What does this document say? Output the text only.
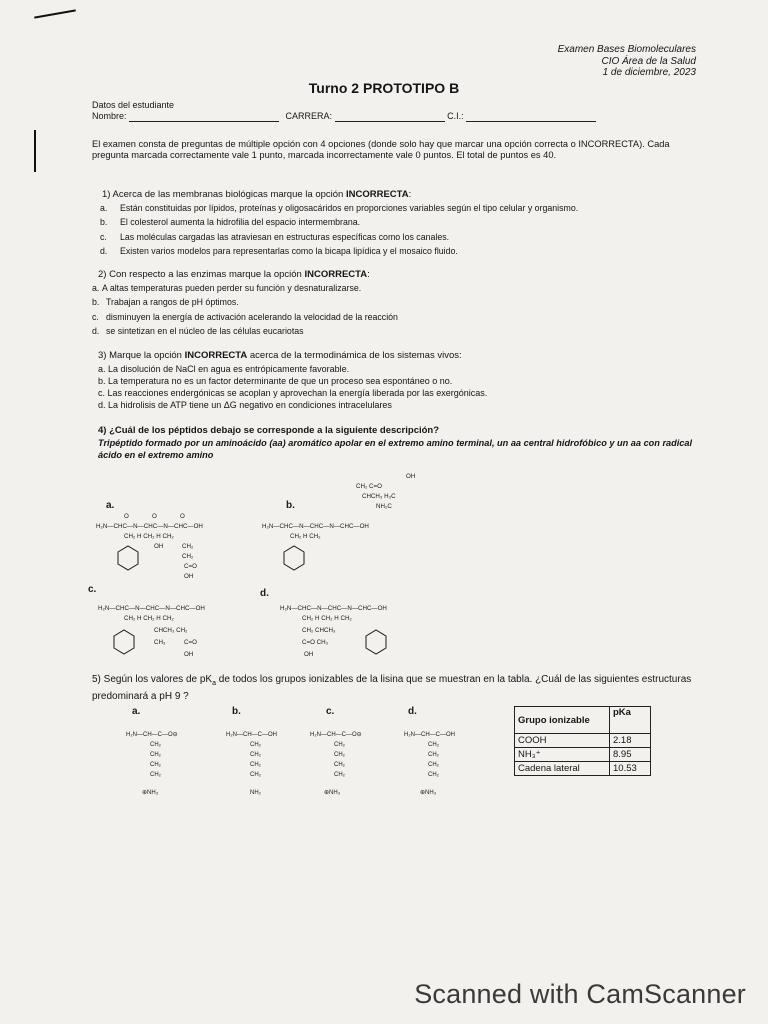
Examen Bases Biomoleculares
CIO Área de la Salud
1 de diciembre, 2023
Turno 2 PROTOTIPO B
Datos del estudiante
Nombre:	CARRERA:	C.I.:
El examen consta de preguntas de múltiple opción con 4 opciones (donde solo hay que marcar una opción correcta o INCORRECTA). Cada pregunta marcada correctamente vale 1 punto, marcada incorrectamente vale 0 puntos. El total de puntos es 40.
1) Acerca de las membranas biológicas marque la opción INCORRECTA:
a. Están constituidas por lípidos, proteínas y oligosacáridos en proporciones variables según el tipo celular y organismo.
b. El colesterol aumenta la hidrofilia del espacio intermembrana.
c. Las moléculas cargadas las atraviesan en estructuras específicas como los canales.
d. Existen varios modelos para representarlas como la bicapa lipídica y el mosaico fluido.
2) Con respecto a las enzimas marque la opción INCORRECTA:
a. A altas temperaturas pueden perder su función y desnaturalizarse.
b. Trabajan a rangos de pH óptimos.
c. disminuyen la energía de activación acelerando la velocidad de la reacción
d. se sintetizan en el núcleo de las células eucariotas
3) Marque la opción INCORRECTA acerca de la termodinámica de los sistemas vivos:
a. La disolución de NaCl en agua es entrópicamente favorable.
b. La temperatura no es un factor determinante de que un proceso sea espontáneo o no.
c. Las reacciones endergónicas se acoplan y aprovechan la energía liberada por las exergónicas.
d. La hidrolisis de ATP tiene un ΔG negativo en condiciones intracelulares
4) ¿Cuál de los péptidos debajo se corresponde a la siguiente descripción?
Tripéptido formado por un aminoácido (aa) aromático apolar en el extremo amino terminal, un aa central hidrofóbico y un aa con radical ácido en el extremo amino
a.
H₂N—CHC—N—CHC—N—CHC—OH
O	O	O
CH₂ H CH₂ H CH₂
OH	CH₂
CH₂
C=O
OH
b.
H₂N—CHC—N—CHC—N—CHC—OH
CH₂ C=O
CHCH₃ H₃C
NH₂C
OH
CH₂ H CH₂
c.
H₂N—CHC—N—CHC—N—CHC—OH
CH₂ H CH₂ H CH₂
CHCH₃ CH₂
CH₃	C=O
OH
d.
H₂N—CHC—N—CHC—N—CHC—OH
CH₂ H CH₂ H CH₂
CH₂ CHCH₃
C=O CH₃
OH
5) Según los valores de $pK_a$ de todos los grupos ionizables de la lisina que se muestran en la tabla. ¿Cuál de las siguientes estructuras predominará a pH 9 ?
a.	b.	c.	d.
H₂N—CH—C—O⊖
CH₂
CH₂
CH₂
CH₂
⊕NH₃
H₂N—CH—C—OH
CH₂
CH₂
CH₂
CH₂
NH₂
H₂N—CH—C—O⊖
CH₂
CH₂
CH₂
CH₂
⊕NH₃
H₂N—CH—C—OH
CH₂
CH₂
CH₂
CH₂
⊕NH₃
Grupo ionizable	pKa
COOH	2.18
NH₃⁺	8.95
Cadena lateral	10.53
Scanned with CamScanner
